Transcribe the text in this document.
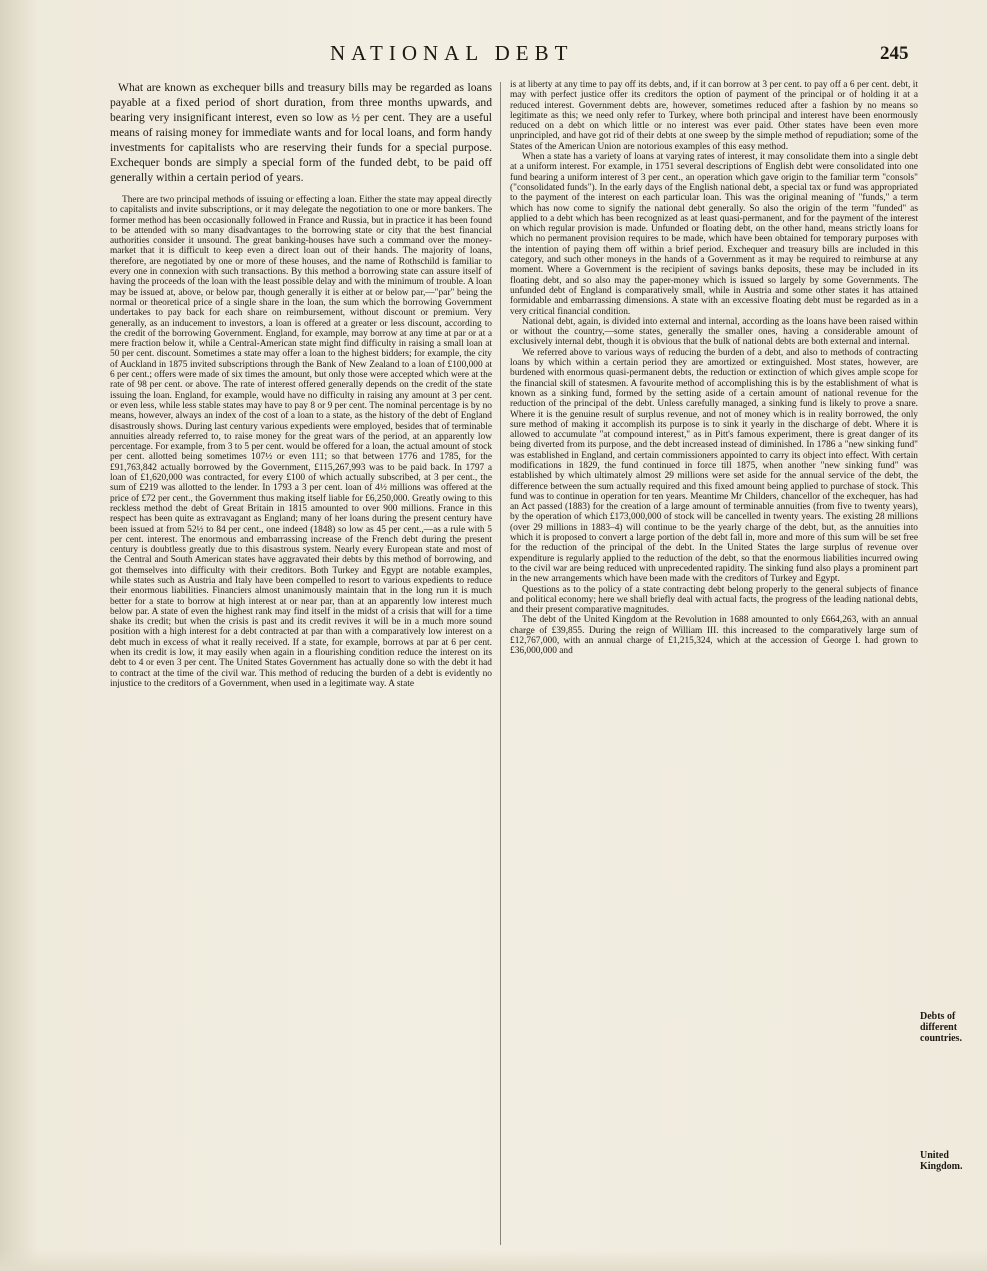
NATIONAL DEBT	245

What are known as exchequer bills and treasury bills may be regarded as loans payable at a fixed period of short duration, from three months upwards, and bearing very insignificant interest, even so low as ½ per cent. They are a useful means of raising money for immediate wants and for local loans, and form handy investments for capitalists who are reserving their funds for a special purpose. Exchequer bonds are simply a special form of the funded debt, to be paid off generally within a certain period of years.

There are two principal methods of issuing or effecting a loan. Either the state may appeal directly to capitalists and invite subscriptions, or it may delegate the negotiation to one or more bankers. The former method has been occasionally followed in France and Russia, but in practice it has been found to be attended with so many disadvantages to the borrowing state or city that the best financial authorities consider it unsound. The great banking-houses have such a command over the money-market that it is difficult to keep even a direct loan out of their hands. The majority of loans, therefore, are negotiated by one or more of these houses, and the name of Rothschild is familiar to every one in connexion with such transactions. By this method a borrowing state can assure itself of having the proceeds of the loan with the least possible delay and with the minimum of trouble. A loan may be issued at, above, or below par, though generally it is either at or below par,—"par" being the normal or theoretical price of a single share in the loan, the sum which the borrowing Government undertakes to pay back for each share on reimbursement, without discount or premium. Very generally, as an inducement to investors, a loan is offered at a greater or less discount, according to the credit of the borrowing Government. England, for example, may borrow at any time at par or at a mere fraction below it, while a Central-American state might find difficulty in raising a small loan at 50 per cent. discount. Sometimes a state may offer a loan to the highest bidders; for example, the city of Auckland in 1875 invited subscriptions through the Bank of New Zealand to a loan of £100,000 at 6 per cent.; offers were made of six times the amount, but only those were accepted which were at the rate of 98 per cent. or above. The rate of interest offered generally depends on the credit of the state issuing the loan. England, for example, would have no difficulty in raising any amount at 3 per cent. or even less, while less stable states may have to pay 8 or 9 per cent. The nominal percentage is by no means, however, always an index of the cost of a loan to a state, as the history of the debt of England disastrously shows. During last century various expedients were employed, besides that of terminable annuities already referred to, to raise money for the great wars of the period, at an apparently low percentage. For example, from 3 to 5 per cent. would be offered for a loan, the actual amount of stock per cent. allotted being sometimes 107½ or even 111; so that between 1776 and 1785, for the £91,763,842 actually borrowed by the Government, £115,267,993 was to be paid back. In 1797 a loan of £1,620,000 was contracted, for every £100 of which actually subscribed, at 3 per cent., the sum of £219 was allotted to the lender. In 1793 a 3 per cent. loan of 4½ millions was offered at the price of £72 per cent., the Government thus making itself liable for £6,250,000. Greatly owing to this reckless method the debt of Great Britain in 1815 amounted to over 900 millions. France in this respect has been quite as extravagant as England; many of her loans during the present century have been issued at from 52½ to 84 per cent., one indeed (1848) so low as 45 per cent.,—as a rule with 5 per cent. interest. The enormous and embarrassing increase of the French debt during the present century is doubtless greatly due to this disastrous system. Nearly every European state and most of the Central and South American states have aggravated their debts by this method of borrowing, and got themselves into difficulty with their creditors. Both Turkey and Egypt are notable examples, while states such as Austria and Italy have been compelled to resort to various expedients to reduce their enormous liabilities. Financiers almost unanimously maintain that in the long run it is much better for a state to borrow at high interest at or near par, than at an apparently low interest much below par. A state of even the highest rank may find itself in the midst of a crisis that will for a time shake its credit; but when the crisis is past and its credit revives it will be in a much more sound position with a high interest for a debt contracted at par than with a comparatively low interest on a debt much in excess of what it really received. If a state, for example, borrows at par at 6 per cent. when its credit is low, it may easily when again in a flourishing condition reduce the interest on its debt to 4 or even 3 per cent. The United States Government has actually done so with the debt it had to contract at the time of the civil war. This method of reducing the burden of a debt is evidently no injustice to the creditors of a Government, when used in a legitimate way. A state

is at liberty at any time to pay off its debts, and, if it can borrow at 3 per cent. to pay off a 6 per cent. debt, it may with perfect justice offer its creditors the option of payment of the principal or of holding it at a reduced interest. Government debts are, however, sometimes reduced after a fashion by no means so legitimate as this; we need only refer to Turkey, where both principal and interest have been enormously reduced on a debt on which little or no interest was ever paid. Other states have been even more unprincipled, and have got rid of their debts at one sweep by the simple method of repudiation; some of the States of the American Union are notorious examples of this easy method.

When a state has a variety of loans at varying rates of interest, it may consolidate them into a single debt at a uniform interest. For example, in 1751 several descriptions of English debt were consolidated into one fund bearing a uniform interest of 3 per cent., an operation which gave origin to the familiar term "consols" ("consolidated funds"). In the early days of the English national debt, a special tax or fund was appropriated to the payment of the interest on each particular loan. This was the original meaning of "funds," a term which has now come to signify the national debt generally. So also the origin of the term "funded" as applied to a debt which has been recognized as at least quasi-permanent, and for the payment of the interest on which regular provision is made. Unfunded or floating debt, on the other hand, means strictly loans for which no permanent provision requires to be made, which have been obtained for temporary purposes with the intention of paying them off within a brief period. Exchequer and treasury bills are included in this category, and such other moneys in the hands of a Government as it may be required to reimburse at any moment. Where a Government is the recipient of savings banks deposits, these may be included in its floating debt, and so also may the paper-money which is issued so largely by some Governments. The unfunded debt of England is comparatively small, while in Austria and some other states it has attained formidable and embarrassing dimensions. A state with an excessive floating debt must be regarded as in a very critical financial condition.

National debt, again, is divided into external and internal, according as the loans have been raised within or without the country,—some states, generally the smaller ones, having a considerable amount of exclusively internal debt, though it is obvious that the bulk of national debts are both external and internal.

We referred above to various ways of reducing the burden of a debt, and also to methods of contracting loans by which within a certain period they are amortized or extinguished. Most states, however, are burdened with enormous quasi-permanent debts, the reduction or extinction of which gives ample scope for the financial skill of statesmen. A favourite method of accomplishing this is by the establishment of what is known as a sinking fund, formed by the setting aside of a certain amount of national revenue for the reduction of the principal of the debt. Unless carefully managed, a sinking fund is likely to prove a snare. Where it is the genuine result of surplus revenue, and not of money which is in reality borrowed, the only sure method of making it accomplish its purpose is to sink it yearly in the discharge of debt. Where it is allowed to accumulate "at compound interest," as in Pitt's famous experiment, there is great danger of its being diverted from its purpose, and the debt increased instead of diminished. In 1786 a "new sinking fund" was established in England, and certain commissioners appointed to carry its object into effect. With certain modifications in 1829, the fund continued in force till 1875, when another "new sinking fund" was established by which ultimately almost 29 millions were set aside for the annual service of the debt, the difference between the sum actually required and this fixed amount being applied to purchase of stock. This fund was to continue in operation for ten years. Meantime Mr Childers, chancellor of the exchequer, has had an Act passed (1883) for the creation of a large amount of terminable annuities (from five to twenty years), by the operation of which £173,000,000 of stock will be cancelled in twenty years. The existing 28 millions (over 29 millions in 1883–4) will continue to be the yearly charge of the debt, but, as the annuities into which it is proposed to convert a large portion of the debt fall in, more and more of this sum will be set free for the reduction of the principal of the debt. In the United States the large surplus of revenue over expenditure is regularly applied to the reduction of the debt, so that the enormous liabilities incurred owing to the civil war are being reduced with unprecedented rapidity. The sinking fund also plays a prominent part in the new arrangements which have been made with the creditors of Turkey and Egypt.

Questions as to the policy of a state contracting debt belong properly to the general subjects of finance and political economy; here we shall briefly deal with actual facts, the progress of the leading national debts, and their present comparative magnitudes.

The debt of the United Kingdom at the Revolution in 1688 amounted to only £664,263, with an annual charge of £39,855. During the reign of William III. this increased to the comparatively large sum of £12,767,000, with an annual charge of £1,215,324, which at the accession of George I. had grown to £36,000,000 and

Debts of different countries.
United Kingdom.
